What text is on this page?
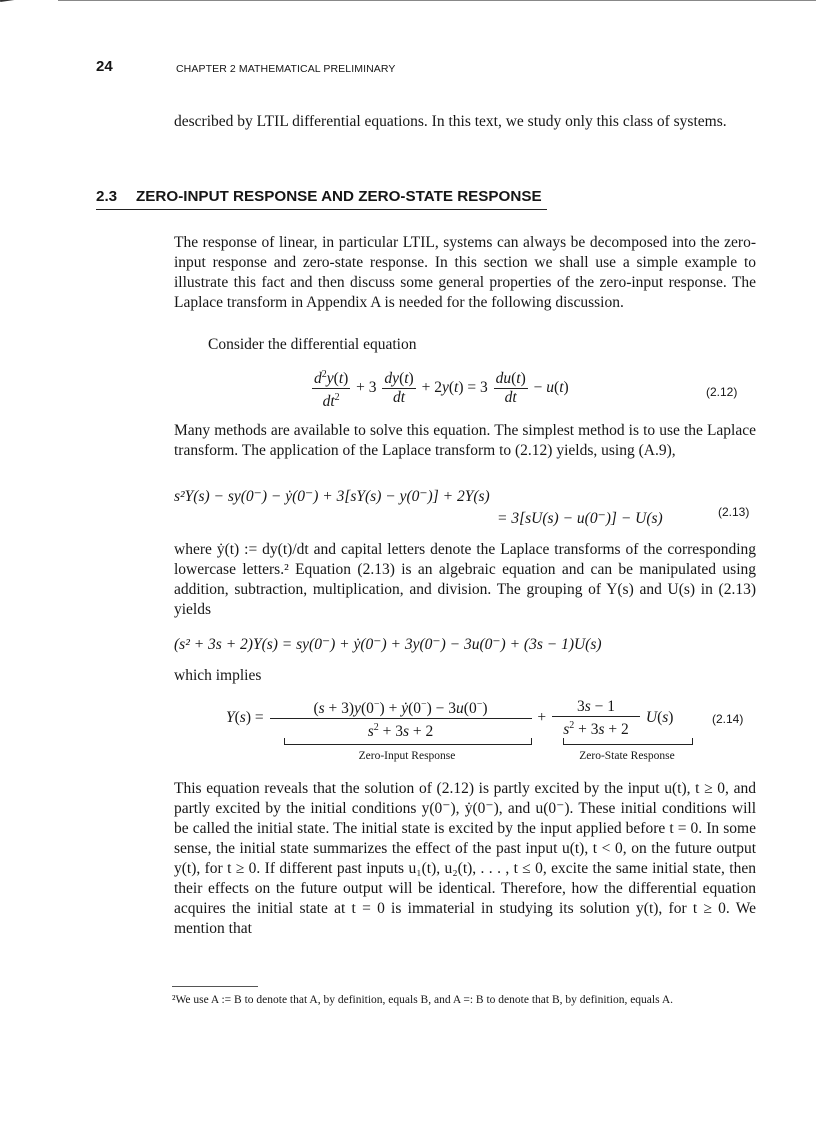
24	CHAPTER 2 MATHEMATICAL PRELIMINARY
described by LTIL differential equations. In this text, we study only this class of systems.
2.3 ZERO-INPUT RESPONSE AND ZERO-STATE RESPONSE
The response of linear, in particular LTIL, systems can always be decomposed into the zero-input response and zero-state response. In this section we shall use a simple example to illustrate this fact and then discuss some general properties of the zero-input response. The Laplace transform in Appendix A is needed for the following discussion.
Consider the differential equation
$\frac{d^2y(t)}{dt^2} + 3 \frac{dy(t)}{dt} + 2y(t) = 3 \frac{du(t)}{dt} - u(t)$	(2.12)
Many methods are available to solve this equation. The simplest method is to use the Laplace transform. The application of the Laplace transform to (2.12) yields, using (A.9),
s²Y(s) − sy(0⁻) − ẏ(0⁻) + 3[sY(s) − y(0⁻)] + 2Y(s)
= 3[sU(s) − u(0⁻)] − U(s)	(2.13)
where ẏ(t) := dy(t)/dt and capital letters denote the Laplace transforms of the corresponding lowercase letters.² Equation (2.13) is an algebraic equation and can be manipulated using addition, subtraction, multiplication, and division. The grouping of Y(s) and U(s) in (2.13) yields
(s² + 3s + 2)Y(s) = sy(0⁻) + ẏ(0⁻) + 3y(0⁻) − 3u(0⁻) + (3s − 1)U(s)
which implies
$Y(s) = \frac{(s + 3)y(0^-) + ẏ(0^-) - 3u(0^-)}{s^2 + 3s + 2} + \frac{3s - 1}{s^2 + 3s + 2} U(s)$	(2.14)
Zero-Input Response	Zero-State Response
This equation reveals that the solution of (2.12) is partly excited by the input u(t), t ≥ 0, and partly excited by the initial conditions y(0⁻), ẏ(0⁻), and u(0⁻). These initial conditions will be called the initial state. The initial state is excited by the input applied before t = 0. In some sense, the initial state summarizes the effect of the past input u(t), t < 0, on the future output y(t), for t ≥ 0. If different past inputs u₁(t), u₂(t), . . . , t ≤ 0, excite the same initial state, then their effects on the future output will be identical. Therefore, how the differential equation acquires the initial state at t = 0 is immaterial in studying its solution y(t), for t ≥ 0. We mention that
²We use A := B to denote that A, by definition, equals B, and A =: B to denote that B, by definition, equals A.
